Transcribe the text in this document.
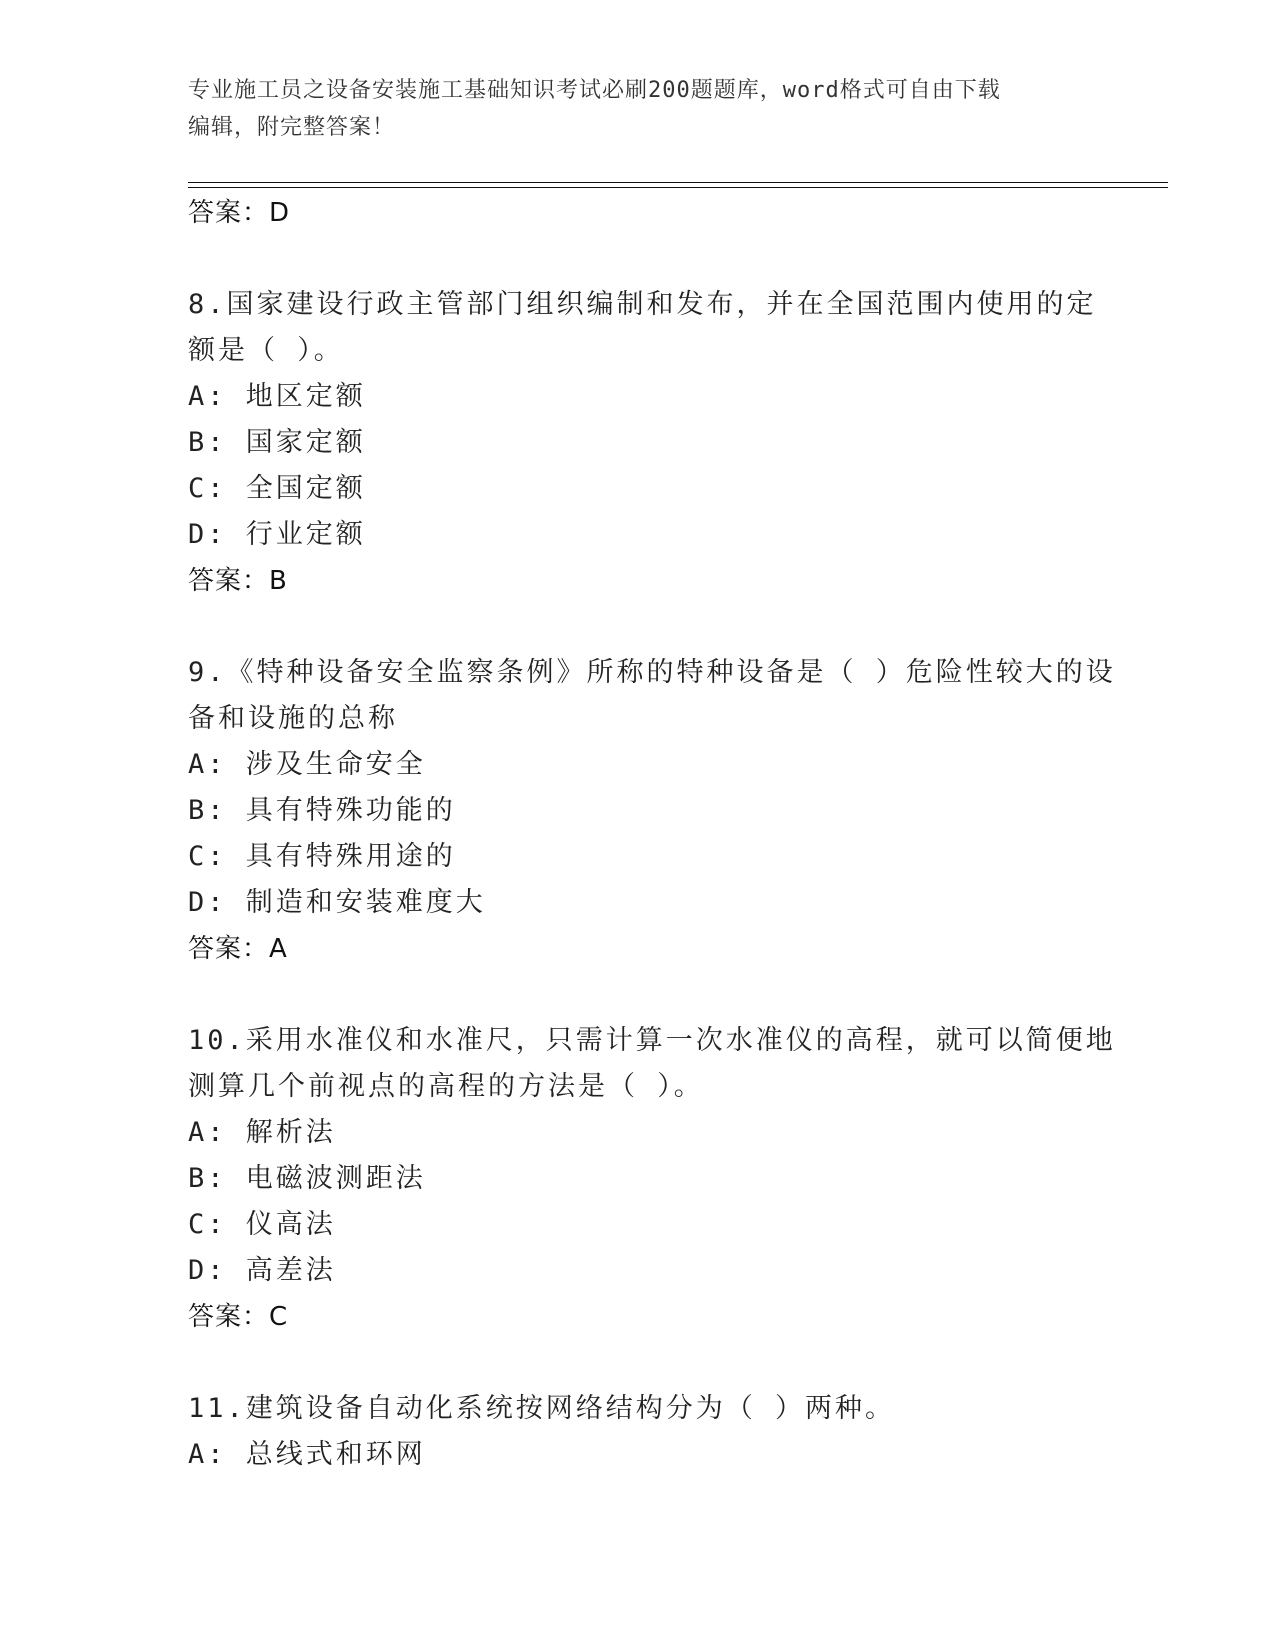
专业施工员之设备安装施工基础知识考试必刷200题题库，word格式可自由下载
编辑，附完整答案！
答案：D
8.国家建设行政主管部门组织编制和发布，并在全国范围内使用的定
额是（ ）。
A: 地区定额
B: 国家定额
C: 全国定额
D: 行业定额
答案：B
9.《特种设备安全监察条例》所称的特种设备是（ ）危险性较大的设
备和设施的总称
A: 涉及生命安全
B: 具有特殊功能的
C: 具有特殊用途的
D: 制造和安装难度大
答案：A
10.采用水准仪和水准尺，只需计算一次水准仪的高程，就可以简便地
测算几个前视点的高程的方法是（ ）。
A: 解析法
B: 电磁波测距法
C: 仪高法
D: 高差法
答案：C
11.建筑设备自动化系统按网络结构分为（ ）两种。
A: 总线式和环网
